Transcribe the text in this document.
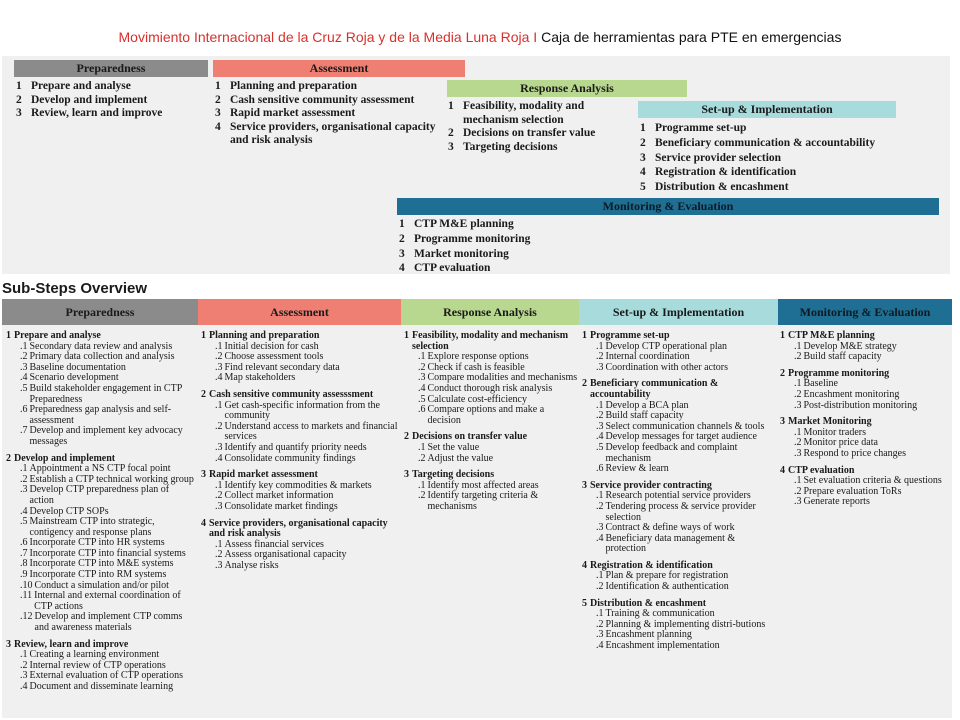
Movimiento Internacional de la Cruz Roja y de la Media Luna Roja I Caja de herramientas para PTE en emergencias
Preparedness
1 Prepare and analyse
2 Develop and implement
3 Review, learn and improve
Assessment
1 Planning and preparation
2 Cash sensitive community assessment
3 Rapid market assessment
4 Service providers, organisational capacity and risk analysis
Response Analysis
1 Feasibility, modality and mechanism selection
2 Decisions on transfer value
3 Targeting decisions
Set-up & Implementation
1 Programme set-up
2 Beneficiary communication & accountability
3 Service provider selection
4 Registration & identification
5 Distribution & encashment
Monitoring & Evaluation
1 CTP M&E planning
2 Programme monitoring
3 Market monitoring
4 CTP evaluation
Sub-Steps Overview
Preparedness	Assessment	Response Analysis	Set-up & Implementation	Monitoring & Evaluation
1 Prepare and analyse
.1 Secondary data review and analysis
.2 Primary data collection and analysis
.3 Baseline documentation
.4 Scenario development
.5 Build stakeholder engagement in CTP Preparedness
.6 Preparedness gap analysis and self-assessment
.7 Develop and implement key advocacy messages
2 Develop and implement
.1 Appointment a NS CTP focal point
.2 Establish a CTP technical working group
.3 Develop CTP preparedness plan of action
.4 Develop CTP SOPs
.5 Mainstream CTP into strategic, contigency and response plans
.6 Incorporate CTP into HR systems
.7 Incorporate CTP into financial systems
.8 Incorporate CTP into M&E systems
.9 Incorporate CTP into RM systems
.10 Conduct a simulation and/or pilot
.11 Internal and external coordination of CTP actions
.12 Develop and implement CTP comms and awareness materials
3 Review, learn and improve
.1 Creating a learning environment
.2 Internal review of CTP operations
.3 External evaluation of CTP operations
.4 Document and disseminate learning
1 Planning and preparation
.1 Initial decision for cash
.2 Choose assessment tools
.3 Find relevant secondary data
.4 Map stakeholders
2 Cash sensitive community assesssment
.1 Get cash-specific information from the community
.2 Understand access to markets and financial services
.3 Identify and quantify priority needs
.4 Consolidate community findings
3 Rapid market assessment
.1 Identify key commodities & markets
.2 Collect market information
.3 Consolidate market findings
4 Service providers, organisational capacity and risk analysis
.1 Assess financial services
.2 Assess organisational capacity
.3 Analyse risks
1 Feasibility, modality and mechanism selection
.1 Explore response options
.2 Check if cash is feasible
.3 Compare modalities and mechanisms
.4 Conduct thorough risk analysis
.5 Calculate cost-efficiency
.6 Compare options and make a decision
2 Decisions on transfer value
.1 Set the value
.2 Adjust the value
3 Targeting decisions
.1 Identify most affected areas
.2 Identify targeting criteria & mechanisms
1 Programme set-up
.1 Develop CTP operational plan
.2 Internal coordination
.3 Coordination with other actors
2 Beneficiary communication & accountability
.1 Develop a BCA plan
.2 Build staff capacity
.3 Select communication channels & tools
.4 Develop messages for target audience
.5 Develop feedback and complaint mechanism
.6 Review & learn
3 Service provider contracting
.1 Research potential service providers
.2 Tendering process & service provider selection
.3 Contract & define ways of work
.4 Beneficiary data management & protection
4 Registration & identification
.1 Plan & prepare for registration
.2 Identification & authentication
5 Distribution & encashment
.1 Training & communication
.2 Planning & implementing distri-butions
.3 Encashment planning
.4 Encashment implementation
1 CTP M&E planning
.1 Develop M&E strategy
.2 Build staff capacity
2 Programme monitoring
.1 Baseline
.2 Encashment monitoring
.3 Post-distribution monitoring
3 Market Monitoring
.1 Monitor traders
.2 Monitor price data
.3 Respond to price changes
4 CTP evaluation
.1 Set evaluation criteria & questions
.2 Prepare evaluation ToRs
.3 Generate reports
